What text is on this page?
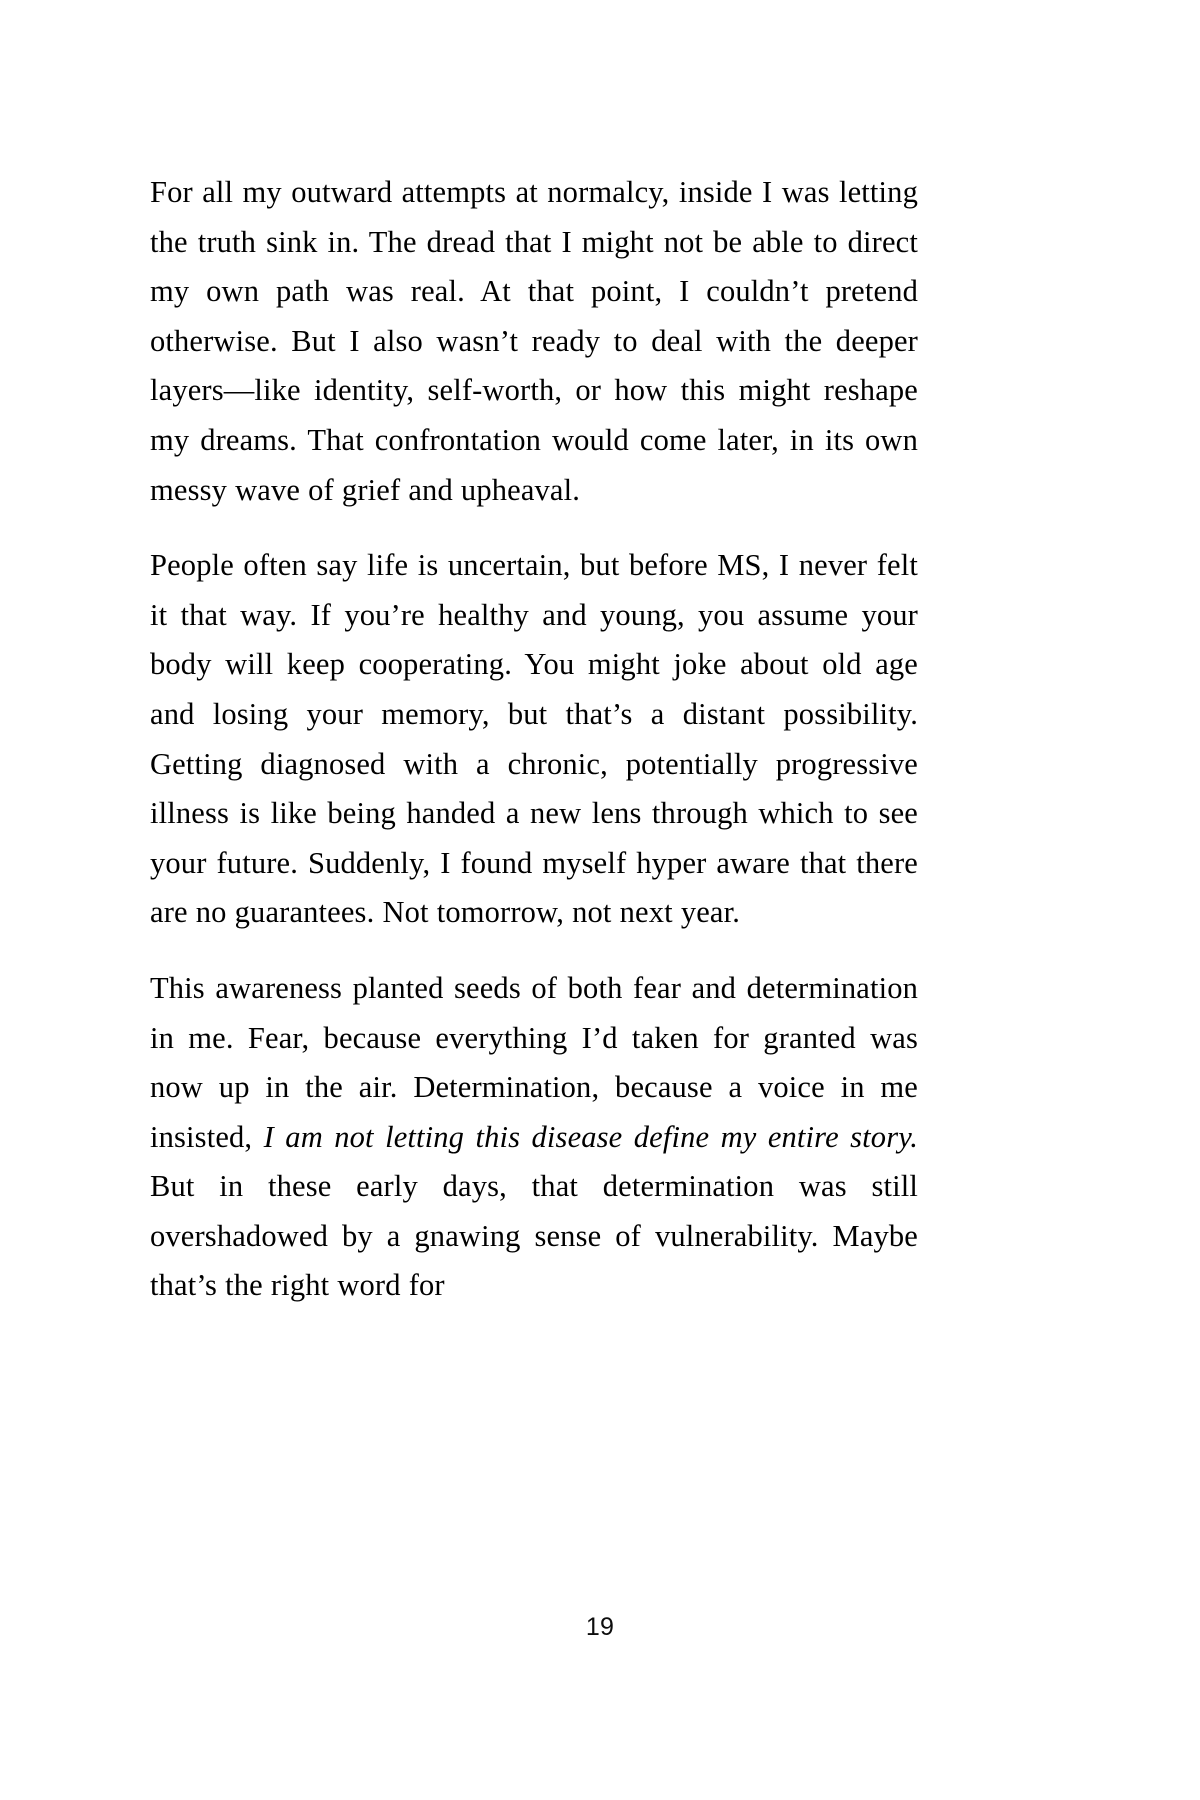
For all my outward attempts at normalcy, inside I was letting the truth sink in. The dread that I might not be able to direct my own path was real. At that point, I couldn’t pretend otherwise. But I also wasn’t ready to deal with the deeper layers—like identity, self-worth, or how this might reshape my dreams. That confrontation would come later, in its own messy wave of grief and upheaval.

People often say life is uncertain, but before MS, I never felt it that way. If you’re healthy and young, you assume your body will keep cooperating. You might joke about old age and losing your memory, but that’s a distant possibility. Getting diagnosed with a chronic, potentially progressive illness is like being handed a new lens through which to see your future. Suddenly, I found myself hyper aware that there are no guarantees. Not tomorrow, not next year.

This awareness planted seeds of both fear and determination in me. Fear, because everything I’d taken for granted was now up in the air. Determination, because a voice in me insisted, I am not letting this disease define my entire story. But in these early days, that determination was still overshadowed by a gnawing sense of vulnerability. Maybe that’s the right word for

19
